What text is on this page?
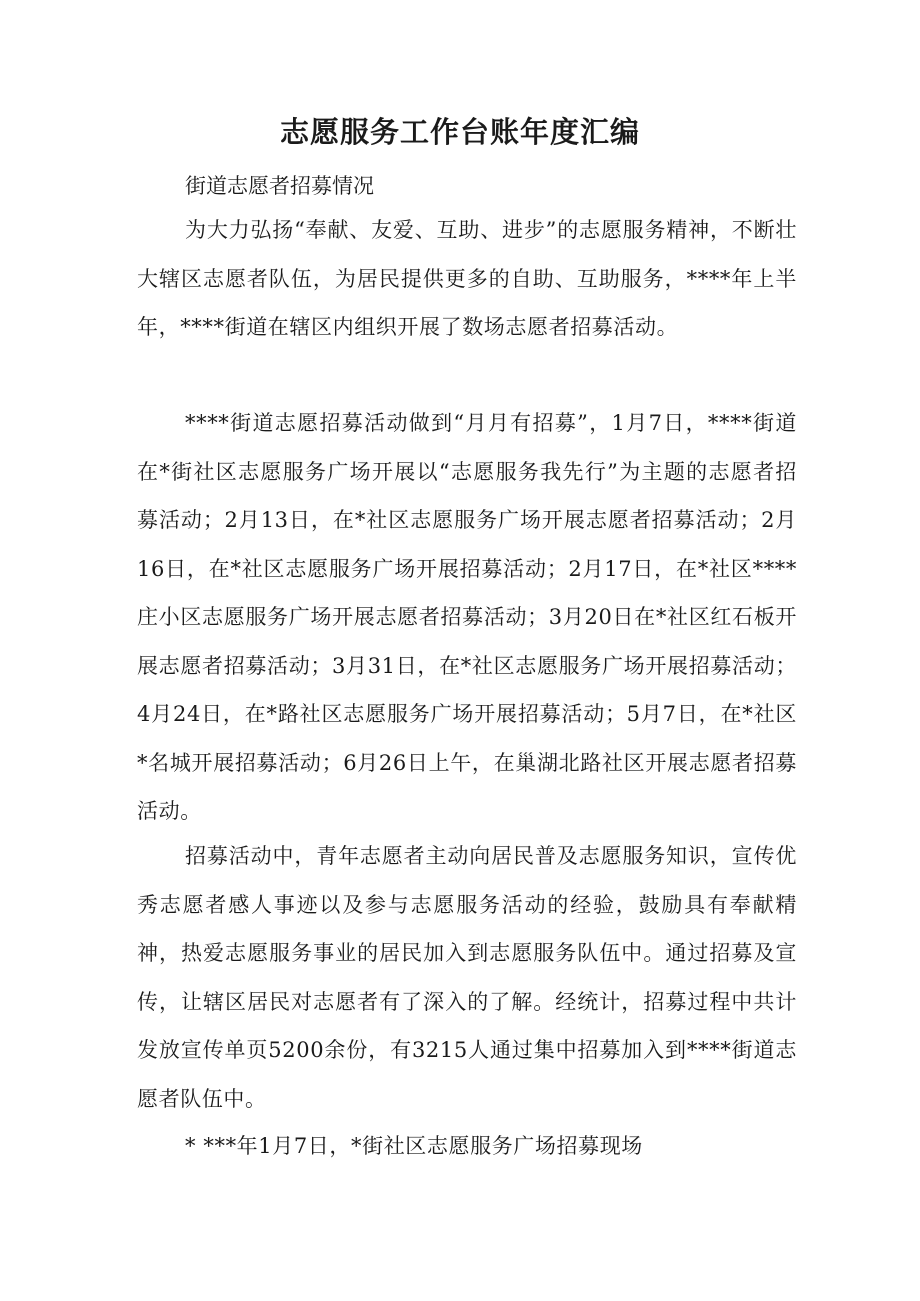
志愿服务工作台账年度汇编

街道志愿者招募情况

为大力弘扬“奉献、友爱、互助、进步”的志愿服务精神，不断壮大辖区志愿者队伍，为居民提供更多的自助、互助服务，****年上半年，****街道在辖区内组织开展了数场志愿者招募活动。

****街道志愿招募活动做到“月月有招募”，1月7日，****街道在*街社区志愿服务广场开展以“志愿服务我先行”为主题的志愿者招募活动；2月13日，在*社区志愿服务广场开展志愿者招募活动；2月16日，在*社区志愿服务广场开展招募活动；2月17日，在*社区****庄小区志愿服务广场开展志愿者招募活动；3月20日在*社区红石板开展志愿者招募活动；3月31日，在*社区志愿服务广场开展招募活动；4月24日，在*路社区志愿服务广场开展招募活动；5月7日，在*社区*名城开展招募活动；6月26日上午，在巢湖北路社区开展志愿者招募活动。

招募活动中，青年志愿者主动向居民普及志愿服务知识，宣传优秀志愿者感人事迹以及参与志愿服务活动的经验，鼓励具有奉献精神，热爱志愿服务事业的居民加入到志愿服务队伍中。通过招募及宣传，让辖区居民对志愿者有了深入的了解。经统计，招募过程中共计发放宣传单页5200余份，有3215人通过集中招募加入到****街道志愿者队伍中。

* ***年1月7日，*街社区志愿服务广场招募现场
